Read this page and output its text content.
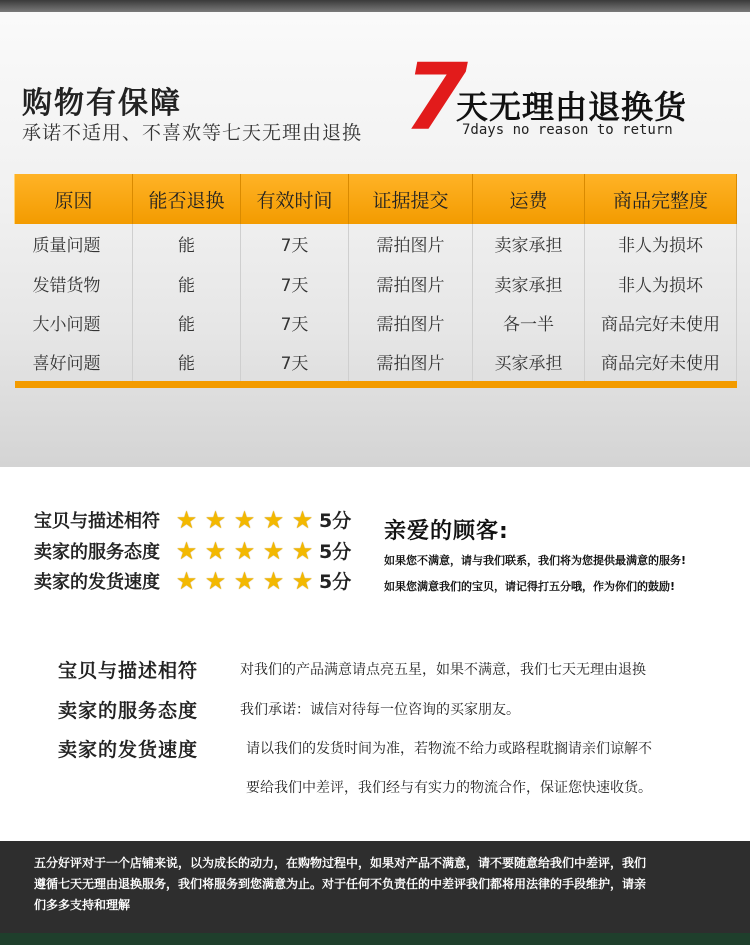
购物有保障
承诺不适用、不喜欢等七天无理由退换 7
天无理由退换货
7days no reason to return
原因	能否退换	有效时间	证据提交	运费	商品完整度
质量问题	能	7天	需拍图片	卖家承担	非人为损坏
发错货物	能	7天	需拍图片	卖家承担	非人为损坏
大小问题	能	7天	需拍图片	各一半	商品完好未使用
喜好问题	能	7天	需拍图片	买家承担	商品完好未使用

宝贝与描述相符 ★ ★ ★ ★ ★ 5分
卖家的服务态度 ★ ★ ★ ★ ★ 5分
卖家的发货速度 ★ ★ ★ ★ ★ 5分
亲爱的顾客:
如果您不满意，请与我们联系，我们将为您提供最满意的服务!
如果您满意我们的宝贝，请记得打五分哦，作为你们的鼓励!
宝贝与描述相符	对我们的产品满意请点亮五星，如果不满意，我们七天无理由退换
卖家的服务态度	我们承诺：诚信对待每一位咨询的买家朋友。
卖家的发货速度	请以我们的发货时间为准，若物流不给力或路程耽搁请亲们谅解不
要给我们中差评，我们经与有实力的物流合作，保证您快速收货。

五分好评对于一个店铺来说，以为成长的动力，在购物过程中，如果对产品不满意，请不要随意给我们中差评，我们

遵循七天无理由退换服务，我们将服务到您满意为止。对于任何不负责任的中差评我们都将用法律的手段维护，请亲

们多多支持和理解
